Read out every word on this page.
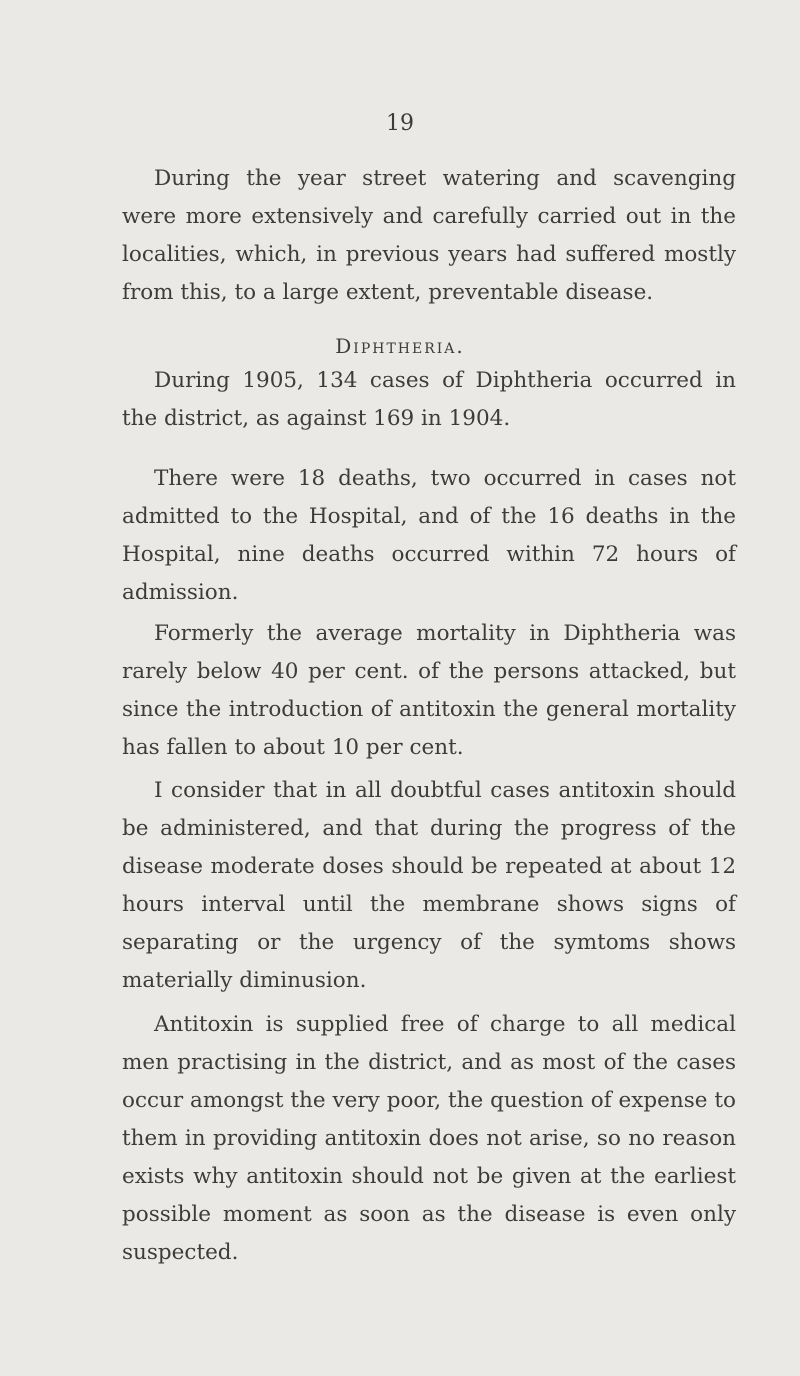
19

During the year street watering and scavenging were more extensively and carefully carried out in the localities, which, in previous years had suffered mostly from this, to a large extent, preventable disease.

Diphtheria.

During 1905, 134 cases of Diphtheria occurred in the district, as against 169 in 1904.

There were 18 deaths, two occurred in cases not admitted to the Hospital, and of the 16 deaths in the Hospital, nine deaths occurred within 72 hours of admission.

Formerly the average mortality in Diphtheria was rarely below 40 per cent. of the persons attacked, but since the introduction of antitoxin the general mortality has fallen to about 10 per cent.

I consider that in all doubtful cases antitoxin should be administered, and that during the progress of the disease moderate doses should be repeated at about 12 hours interval until the membrane shows signs of separating or the urgency of the symtoms shows materially diminusion.

Antitoxin is supplied free of charge to all medical men practising in the district, and as most of the cases occur amongst the very poor, the question of expense to them in providing antitoxin does not arise, so no reason exists why antitoxin should not be given at the earliest possible moment as soon as the disease is even only suspected.
